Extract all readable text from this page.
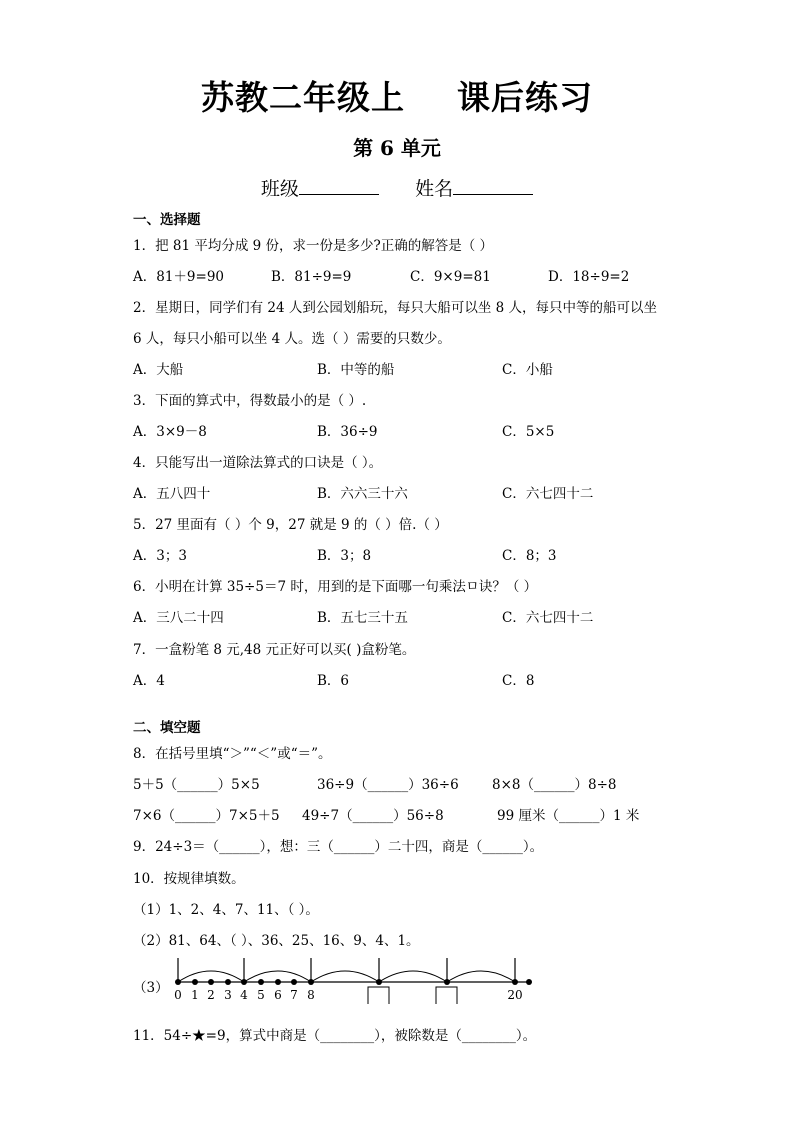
苏教二年级上 课后练习
第 6 单元
班级	姓名
一、选择题
1．把 81 平均分成 9 份，求一份是多少?正确的解答是（ ）
A．81＋9=90	B．81÷9=9	C．9×9=81	D．18÷9=2
2．星期日，同学们有 24 人到公园划船玩，每只大船可以坐 8 人，每只中等的船可以坐
6 人，每只小船可以坐 4 人。选（ ）需要的只数少。
A．大船	B．中等的船	C．小船
3．下面的算式中，得数最小的是（ ）.
A．3×9－8	B．36÷9	C．5×5
4．只能写出一道除法算式的口诀是（ ）。
A．五八四十	B．六六三十六	C．六七四十二
5．27 里面有（ ）个 9，27 就是 9 的（ ）倍.（ ）
A．3；3	B．3；8	C．8；3
6．小明在计算 35÷5＝7 时，用到的是下面哪一句乘法ㅁ诀？（ ）
A．三八二十四	B．五七三十五	C．六七四十二
7．一盒粉笔 8 元,48 元正好可以买( )盒粉笔。
A．4	B．6	C．8
二、填空题
8．在括号里填“＞”“＜”或“＝”。
5＋5（______）5×5	36÷9（______）36÷6 8×8（______）8÷8
7×6（______）7×5＋5 49÷7（______）56÷8	99 厘米（______）1 米
9．24÷3＝（______），想：三（______）二十四，商是（______）。
10．按规律填数。
（1）1、2、4、7、11、（ ）。
（2）81、64、（ ）、36、25、16、9、4、1。
（3） 0 1 2 3 4 5 6 7 8	20
11．54÷★=9，算式中商是（________），被除数是（________）。
